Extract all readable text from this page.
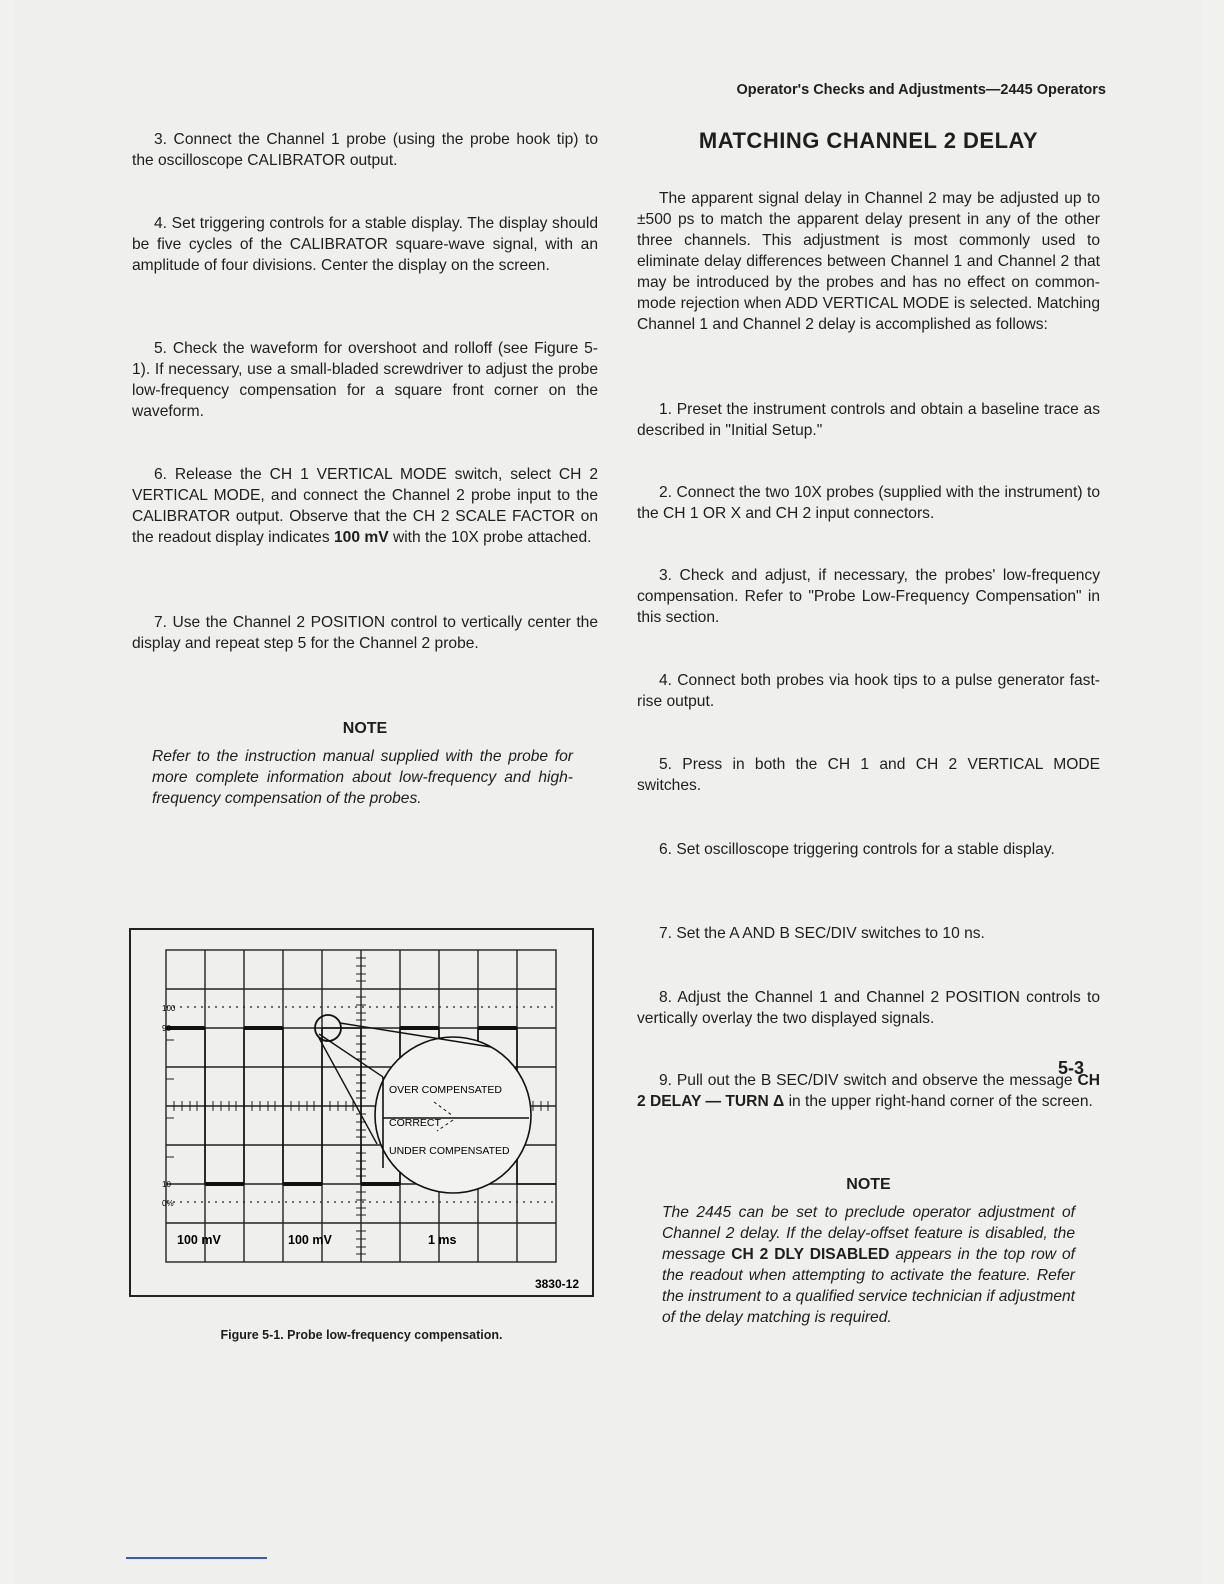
Operator's Checks and Adjustments—2445 Operators

3. Connect the Channel 1 probe (using the probe hook tip) to the oscilloscope CALIBRATOR output.

4. Set triggering controls for a stable display. The display should be five cycles of the CALIBRATOR square-wave signal, with an amplitude of four divisions. Center the display on the screen.

5. Check the waveform for overshoot and rolloff (see Figure 5-1). If necessary, use a small-bladed screwdriver to adjust the probe low-frequency compensation for a square front corner on the waveform.

6. Release the CH 1 VERTICAL MODE switch, select CH 2 VERTICAL MODE, and connect the Channel 2 probe input to the CALIBRATOR output. Observe that the CH 2 SCALE FACTOR on the readout display indicates 100 mV with the 10X probe attached.

7. Use the Channel 2 POSITION control to vertically center the display and repeat step 5 for the Channel 2 probe.

NOTE

Refer to the instruction manual supplied with the probe for more complete information about low-frequency and high-frequency compensation of the probes.

OVER COMPENSATED
CORRECT
UNDER COMPENSATED
100
90
10
0%
100 mV	100 mV	1 ms
3830-12
Figure 5-1. Probe low-frequency compensation.
MATCHING CHANNEL 2 DELAY

The apparent signal delay in Channel 2 may be adjusted up to ±500 ps to match the apparent delay present in any of the other three channels. This adjustment is most commonly used to eliminate delay differences between Channel 1 and Channel 2 that may be introduced by the probes and has no effect on common-mode rejection when ADD VERTICAL MODE is selected. Matching Channel 1 and Channel 2 delay is accomplished as follows:

1. Preset the instrument controls and obtain a baseline trace as described in "Initial Setup."

2. Connect the two 10X probes (supplied with the instrument) to the CH 1 OR X and CH 2 input connectors.

3. Check and adjust, if necessary, the probes' low-frequency compensation. Refer to "Probe Low-Frequency Compensation" in this section.

4. Connect both probes via hook tips to a pulse generator fast-rise output.

5. Press in both the CH 1 and CH 2 VERTICAL MODE switches.

6. Set oscilloscope triggering controls for a stable display.

7. Set the A AND B SEC/DIV switches to 10 ns.

8. Adjust the Channel 1 and Channel 2 POSITION controls to vertically overlay the two displayed signals.

9. Pull out the B SEC/DIV switch and observe the message CH 2 DELAY — TURN Δ in the upper right-hand corner of the screen.

NOTE

The 2445 can be set to preclude operator adjustment of Channel 2 delay. If the delay-offset feature is disabled, the message CH 2 DLY DISABLED appears in the top row of the readout when attempting to activate the feature. Refer the instrument to a qualified service technician if adjustment of the delay matching is required.

5-3
